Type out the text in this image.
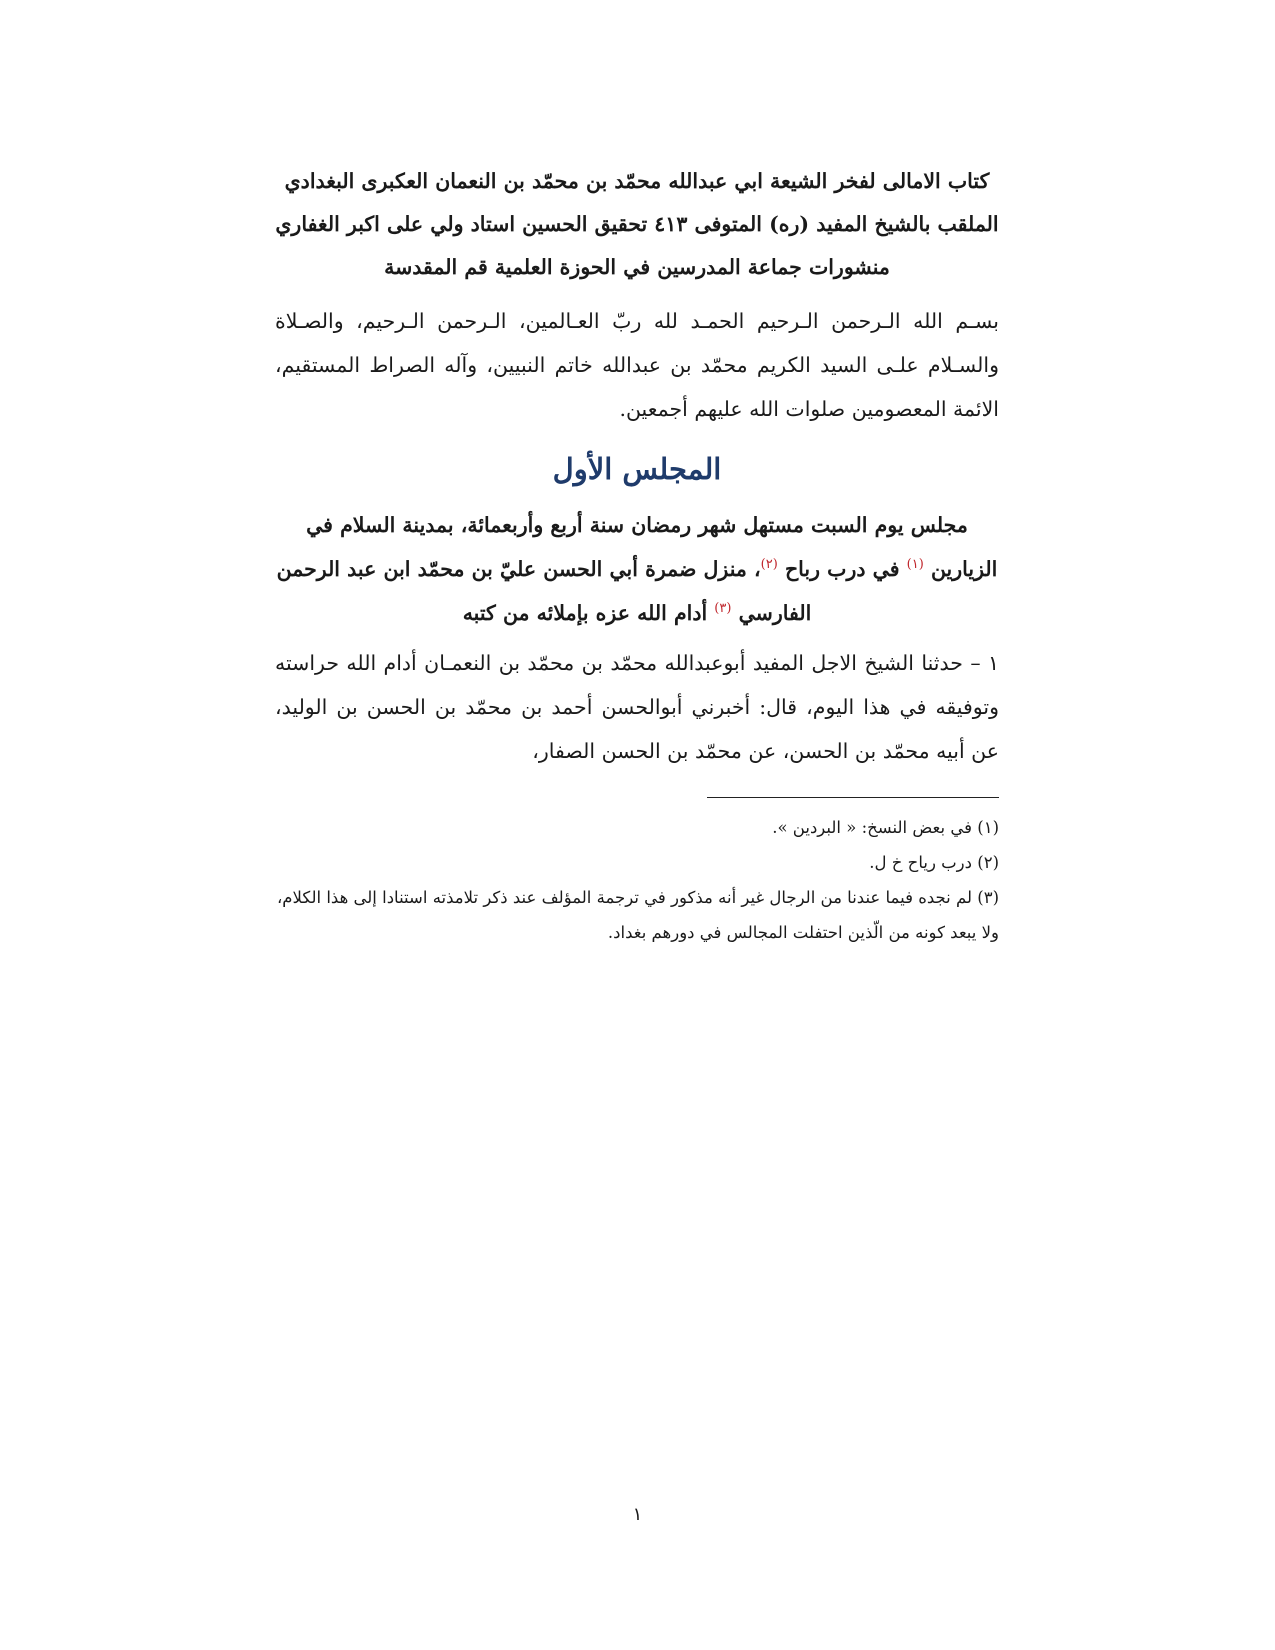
كتاب الامالى لفخر الشيعة ابي عبدالله محمّد بن محمّد بن النعمان العكبرى البغدادي
الملقب بالشيخ المفيد (ره) المتوفى ٤١٣ تحقيق الحسين استاد ولي على اكبر الغفاري
منشورات جماعة المدرسين في الحوزة العلمية قم المقدسة

بسـم الله الـرحمن الـرحيم الحمـد لله ربّ العـالمين، الـرحمن الـرحيم، والصـلاة والسـلام علـى السيد الكريم محمّد بن عبدالله خاتم النبيين، وآله الصراط المستقيم، الائمة المعصومين صلوات الله عليهم أجمعين.

المجلس الأول

مجلس يوم السبت مستهل شهر رمضان سنة أربع وأربعمائة، بمدينة السلام في الزيارين $^{(١)}$ في درب رباح $^{(٢)}$، منزل ضمرة أبي الحسن عليّ بن محمّد ابن عبد الرحمن الفارسي $^{(٣)}$ أدام الله عزه بإملائه من كتبه

١ – حدثنا الشيخ الاجل المفيد أبوعبدالله محمّد بن محمّد بن النعمـان أدام الله حراسته وتوفيقه في هذا اليوم، قال: أخبرني أبوالحسن أحمد بن محمّد بن الحسن بن الوليد، عن أبيه محمّد بن الحسن، عن محمّد بن الحسن الصفار،

(١) في بعض النسخ: « البردين ».

(٢) درب رياح خ ل.

(٣) لم نجده فيما عندنا من الرجال غير أنه مذكور في ترجمة المؤلف عند ذكر تلامذته استنادا إلى هذا الكلام، ولا يبعد كونه من الّذين احتفلت المجالس في دورهم بغداد.

١
